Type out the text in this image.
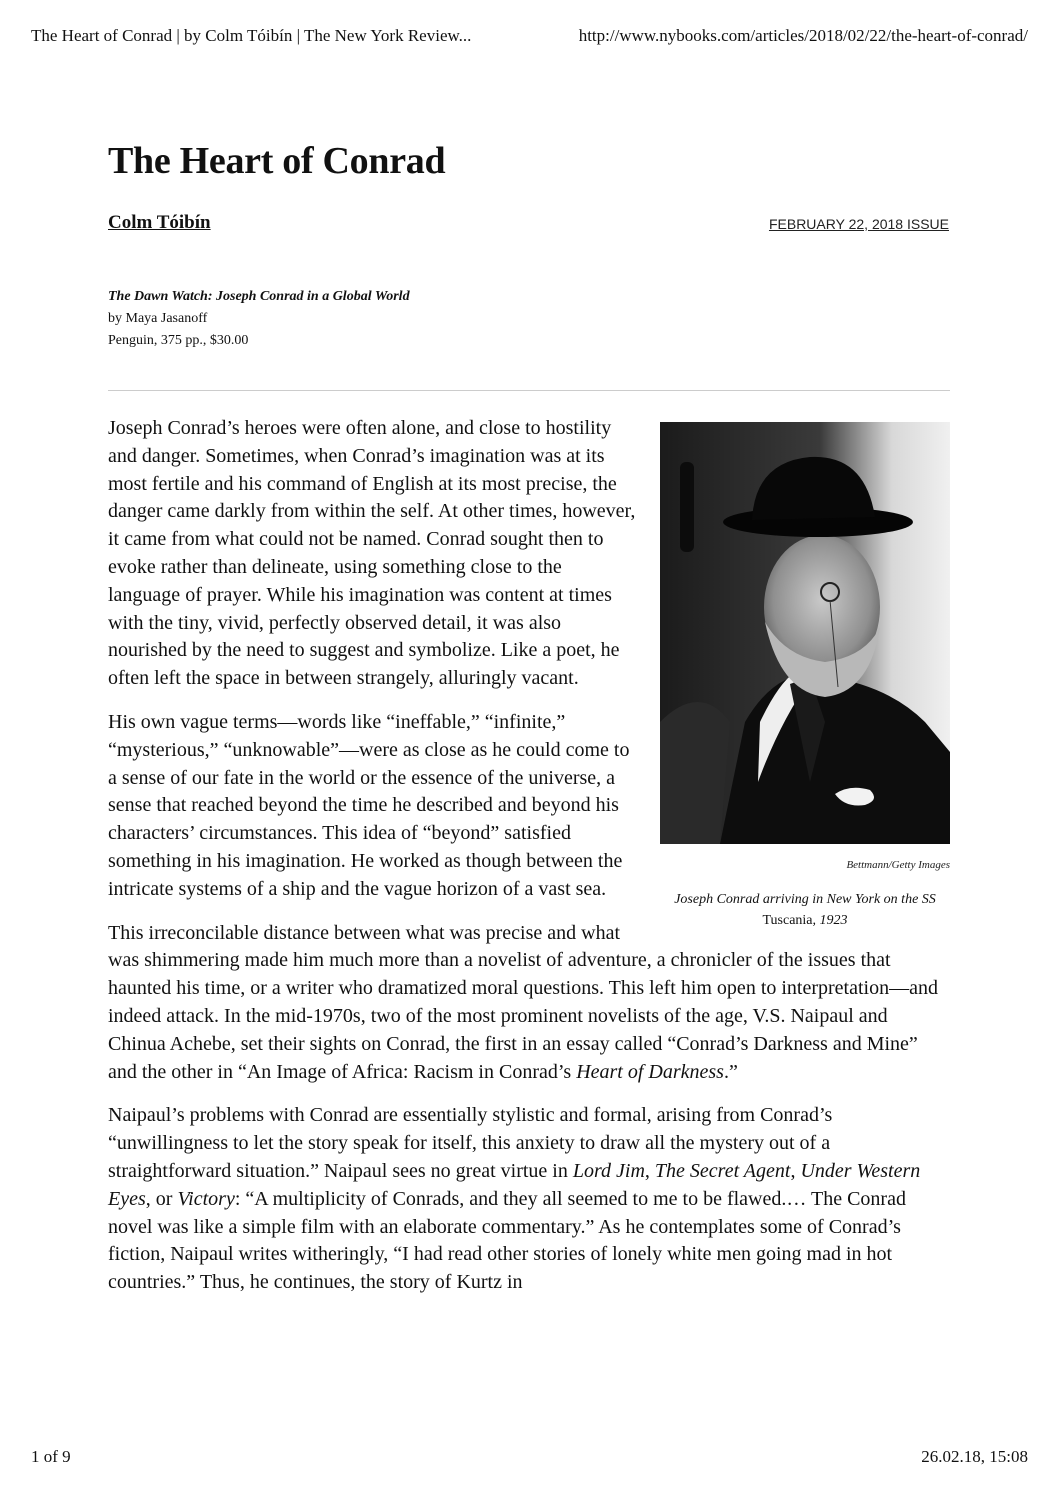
The Heart of Conrad | by Colm Tóibín | The New York Review...	http://www.nybooks.com/articles/2018/02/22/the-heart-of-conrad/
The Heart of Conrad
Colm Tóibín	FEBRUARY 22, 2018 ISSUE
The Dawn Watch: Joseph Conrad in a Global World
by Maya Jasanoff
Penguin, 375 pp., $30.00
Bettmann/Getty Images
Joseph Conrad arriving in New York on the SS
Tuscania, 1923

Joseph Conrad’s heroes were often alone, and close to hostility and danger. Sometimes, when Conrad’s imagination was at its most fertile and his command of English at its most precise, the danger came darkly from within the self. At other times, however, it came from what could not be named. Conrad sought then to evoke rather than delineate, using something close to the language of prayer. While his imagination was content at times with the tiny, vivid, perfectly observed detail, it was also nourished by the need to suggest and symbolize. Like a poet, he often left the space in between strangely, alluringly vacant.

His own vague terms—words like “ineffable,” “infinite,” “mysterious,” “unknowable”—were as close as he could come to a sense of our fate in the world or the essence of the universe, a sense that reached beyond the time he described and beyond his characters’ circumstances. This idea of “beyond” satisfied something in his imagination. He worked as though between the intricate systems of a ship and the vague horizon of a vast sea.

This irreconcilable distance between what was precise and what was shimmering made him much more than a novelist of adventure, a chronicler of the issues that haunted his time, or a writer who dramatized moral questions. This left him open to interpretation—and indeed attack. In the mid-1970s, two of the most prominent novelists of the age, V.S. Naipaul and Chinua Achebe, set their sights on Conrad, the first in an essay called “Conrad’s Darkness and Mine” and the other in “An Image of Africa: Racism in Conrad’s Heart of Darkness.”

Naipaul’s problems with Conrad are essentially stylistic and formal, arising from Conrad’s “unwillingness to let the story speak for itself, this anxiety to draw all the mystery out of a straightforward situation.” Naipaul sees no great virtue in Lord Jim, The Secret Agent, Under Western Eyes, or Victory: “A multiplicity of Conrads, and they all seemed to me to be flawed.… The Conrad novel was like a simple film with an elaborate commentary.” As he contemplates some of Conrad’s fiction, Naipaul writes witheringly, “I had read other stories of lonely white men going mad in hot countries.” Thus, he continues, the story of Kurtz in

1 of 9	26.02.18, 15:08
